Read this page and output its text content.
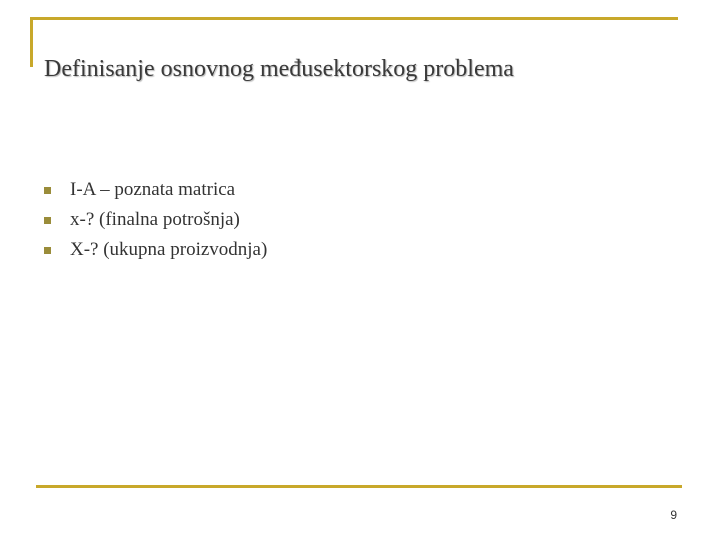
Definisanje osnovnog međusektorskog problema
I-A – poznata matrica
x-? (finalna potrošnja)
X-? (ukupna proizvodnja)
9
